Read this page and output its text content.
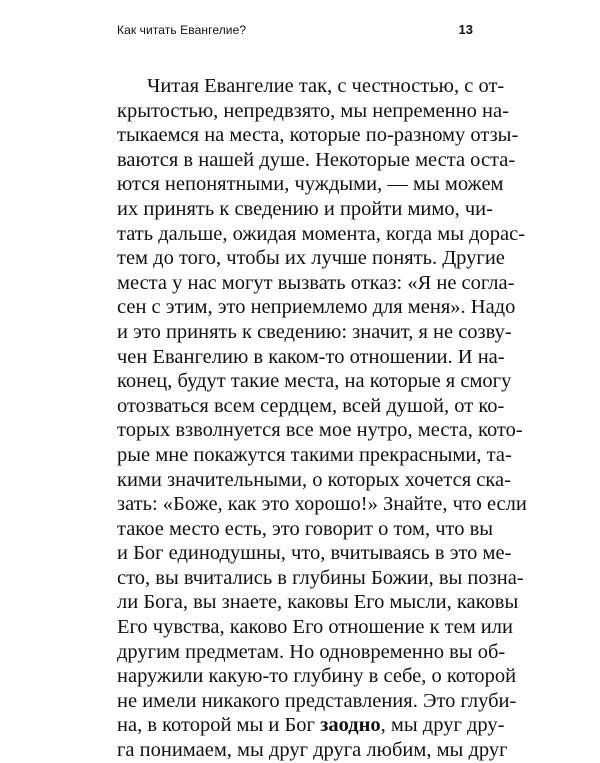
Как читать Евангелие?	13
Читая Евангелие так, с честностью, с от-
крытостью, непредвзято, мы непременно на-
тыкаемся на места, которые по-разному отзы-
ваются в нашей душе. Некоторые места оста-
ются непонятными, чуждыми, — мы можем
их принять к сведению и пройти мимо, чи-
тать дальше, ожидая момента, когда мы дорас-
тем до того, чтобы их лучше понять. Другие
места у нас могут вызвать отказ: «Я не согла-
сен с этим, это неприемлемо для меня». Надо
и это принять к сведению: значит, я не созву-
чен Евангелию в каком-то отношении. И на-
конец, будут такие места, на которые я смогу
отозваться всем сердцем, всей душой, от ко-
торых взволнуется все мое нутро, места, кото-
рые мне покажутся такими прекрасными, та-
кими значительными, о которых хочется ска-
зать: «Боже, как это хорошо!» Знайте, что если
такое место есть, это говорит о том, что вы
и Бог единодушны, что, вчитываясь в это ме-
сто, вы вчитались в глубины Божии, вы позна-
ли Бога, вы знаете, каковы Его мысли, каковы
Его чувства, каково Его отношение к тем или
другим предметам. Но одновременно вы об-
наружили какую-то глубину в себе, о которой
не имели никакого представления. Это глуби-
на, в которой мы и Бог заодно, мы друг дру-
га понимаем, мы друг друга любим, мы друг
